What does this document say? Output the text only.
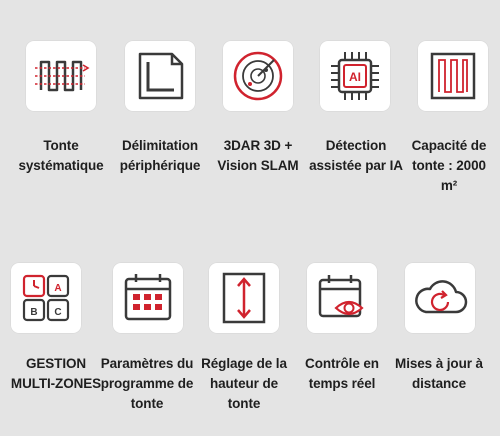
AI
Tonte
systématique
Délimitation
périphérique
3DAR 3D +
Vision SLAM
Détection
assistée par IA
Capacité de
tonte : 2000
m²
A
B C
GESTION
MULTI-ZONES
Paramètres du
programme de
tonte
Réglage de la
hauteur de
tonte
Contrôle en
temps réel
Mises à jour à
distance
